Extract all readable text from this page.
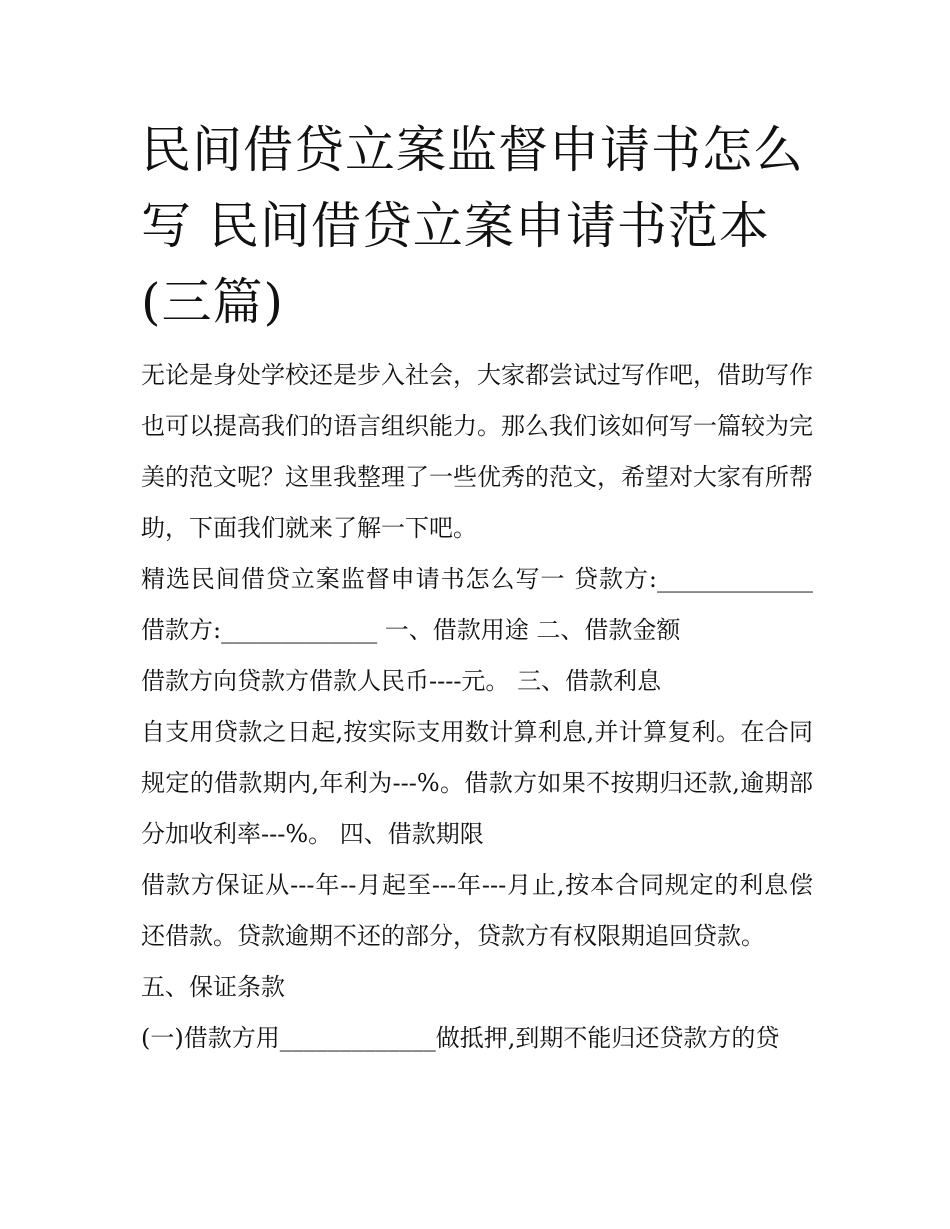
民间借贷立案监督申请书怎么写 民间借贷立案申请书范本(三篇)

无论是身处学校还是步入社会，大家都尝试过写作吧，借助写作也可以提高我们的语言组织能力。那么我们该如何写一篇较为完美的范文呢？这里我整理了一些优秀的范文，希望对大家有所帮助，下面我们就来了解一下吧。

精选民间借贷立案监督申请书怎么写一 贷款方:_____________ 借款方:_____________ 一、借款用途 二、借款金额

借款方向贷款方借款人民币----元。 三、借款利息

自支用贷款之日起,按实际支用数计算利息,并计算复利。在合同规定的借款期内,年利为---%。借款方如果不按期归还款,逾期部分加收利率---%。 四、借款期限

借款方保证从---年--月起至---年---月止,按本合同规定的利息偿还借款。贷款逾期不还的部分，贷款方有权限期追回贷款。

五、保证条款

(一)借款方用_____________做抵押,到期不能归还贷款方的贷
